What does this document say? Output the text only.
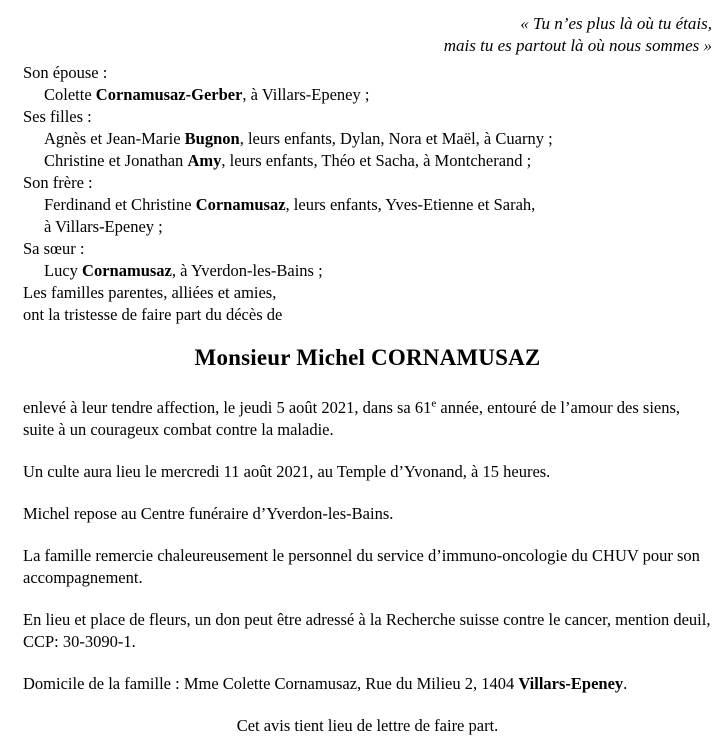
« Tu n’es plus là où tu étais,
mais tu es partout là où nous sommes »
Son épouse :
Colette Cornamusaz-Gerber, à Villars-Epeney ;
Ses filles :
Agnès et Jean-Marie Bugnon, leurs enfants, Dylan, Nora et Maël, à Cuarny ;
Christine et Jonathan Amy, leurs enfants, Théo et Sacha, à Montcherand ;
Son frère :
Ferdinand et Christine Cornamusaz, leurs enfants, Yves-Etienne et Sarah,
à Villars-Epeney ;
Sa sœur :
Lucy Cornamusaz, à Yverdon-les-Bains ;
Les familles parentes, alliées et amies,
ont la tristesse de faire part du décès de
Monsieur Michel CORNAMUSAZ

enlevé à leur tendre affection, le jeudi 5 août 2021, dans sa 61e année, entouré de l’amour des siens, suite à un courageux combat contre la maladie.

Un culte aura lieu le mercredi 11 août 2021, au Temple d’Yvonand, à 15 heures.

Michel repose au Centre funéraire d’Yverdon-les-Bains.

La famille remercie chaleureusement le personnel du service d’immuno-oncologie du CHUV pour son accompagnement.

En lieu et place de fleurs, un don peut être adressé à la Recherche suisse contre le cancer, mention deuil, CCP: 30-3090-1.

Domicile de la famille : Mme Colette Cornamusaz, Rue du Milieu 2, 1404 Villars-Epeney.

Cet avis tient lieu de lettre de faire part.
